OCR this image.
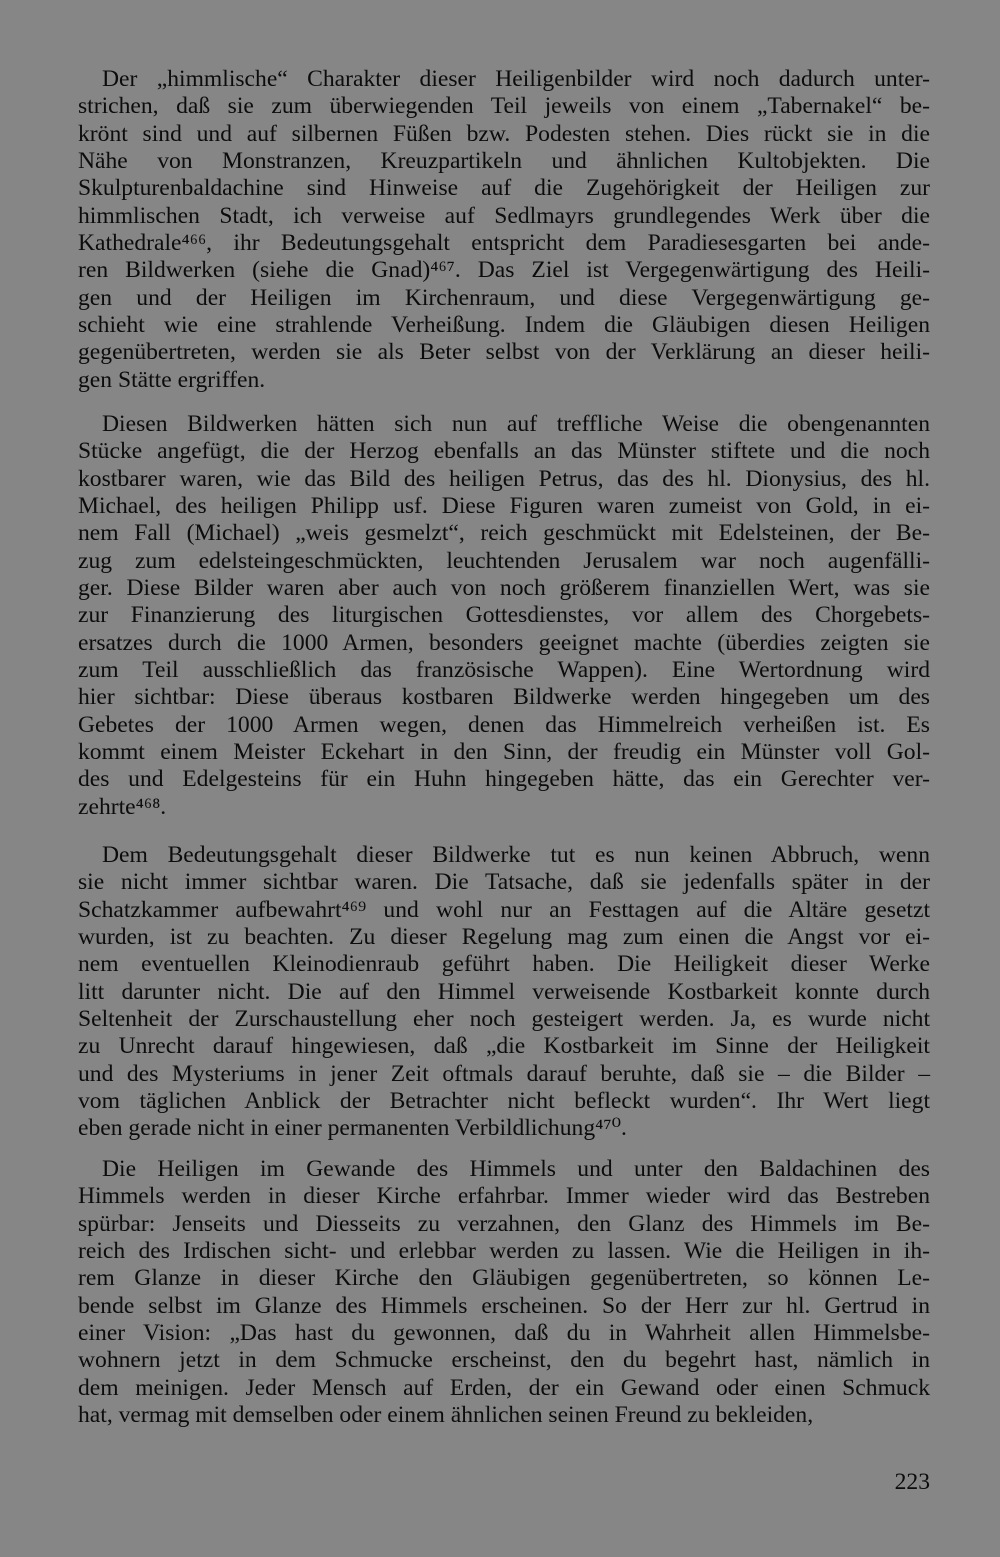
Der „himmlische“ Charakter dieser Heiligenbilder wird noch dadurch unter-
strichen, daß sie zum überwiegenden Teil jeweils von einem „Tabernakel“ be-
krönt sind und auf silbernen Füßen bzw. Podesten stehen. Dies rückt sie in die
Nähe von Monstranzen, Kreuzpartikeln und ähnlichen Kultobjekten. Die
Skulpturenbaldachine sind Hinweise auf die Zugehörigkeit der Heiligen zur
himmlischen Stadt, ich verweise auf Sedlmayrs grundlegendes Werk über die
Kathedrale⁴⁶⁶, ihr Bedeutungsgehalt entspricht dem Paradiesesgarten bei ande-
ren Bildwerken (siehe die Gnad)⁴⁶⁷. Das Ziel ist Vergegenwärtigung des Heili-
gen und der Heiligen im Kirchenraum, und diese Vergegenwärtigung ge-
schieht wie eine strahlende Verheißung. Indem die Gläubigen diesen Heiligen
gegenübertreten, werden sie als Beter selbst von der Verklärung an dieser heili-
gen Stätte ergriffen.

Diesen Bildwerken hätten sich nun auf treffliche Weise die obengenannten
Stücke angefügt, die der Herzog ebenfalls an das Münster stiftete und die noch
kostbarer waren, wie das Bild des heiligen Petrus, das des hl. Dionysius, des hl.
Michael, des heiligen Philipp usf. Diese Figuren waren zumeist von Gold, in ei-
nem Fall (Michael) „weis gesmelzt“, reich geschmückt mit Edelsteinen, der Be-
zug zum edelsteingeschmückten, leuchtenden Jerusalem war noch augenfälli-
ger. Diese Bilder waren aber auch von noch größerem finanziellen Wert, was sie
zur Finanzierung des liturgischen Gottesdienstes, vor allem des Chorgebets-
ersatzes durch die 1000 Armen, besonders geeignet machte (überdies zeigten sie
zum Teil ausschließlich das französische Wappen). Eine Wertordnung wird
hier sichtbar: Diese überaus kostbaren Bildwerke werden hingegeben um des
Gebetes der 1000 Armen wegen, denen das Himmelreich verheißen ist. Es
kommt einem Meister Eckehart in den Sinn, der freudig ein Münster voll Gol-
des und Edelgesteins für ein Huhn hingegeben hätte, das ein Gerechter ver-
zehrte⁴⁶⁸.

Dem Bedeutungsgehalt dieser Bildwerke tut es nun keinen Abbruch, wenn
sie nicht immer sichtbar waren. Die Tatsache, daß sie jedenfalls später in der
Schatzkammer aufbewahrt⁴⁶⁹ und wohl nur an Festtagen auf die Altäre gesetzt
wurden, ist zu beachten. Zu dieser Regelung mag zum einen die Angst vor ei-
nem eventuellen Kleinodienraub geführt haben. Die Heiligkeit dieser Werke
litt darunter nicht. Die auf den Himmel verweisende Kostbarkeit konnte durch
Seltenheit der Zurschaustellung eher noch gesteigert werden. Ja, es wurde nicht
zu Unrecht darauf hingewiesen, daß „die Kostbarkeit im Sinne der Heiligkeit
und des Mysteriums in jener Zeit oftmals darauf beruhte, daß sie – die Bilder –
vom täglichen Anblick der Betrachter nicht befleckt wurden“. Ihr Wert liegt
eben gerade nicht in einer permanenten Verbildlichung⁴⁷⁰.

Die Heiligen im Gewande des Himmels und unter den Baldachinen des
Himmels werden in dieser Kirche erfahrbar. Immer wieder wird das Bestreben
spürbar: Jenseits und Diesseits zu verzahnen, den Glanz des Himmels im Be-
reich des Irdischen sicht- und erlebbar werden zu lassen. Wie die Heiligen in ih-
rem Glanze in dieser Kirche den Gläubigen gegenübertreten, so können Le-
bende selbst im Glanze des Himmels erscheinen. So der Herr zur hl. Gertrud in
einer Vision: „Das hast du gewonnen, daß du in Wahrheit allen Himmelsbe-
wohnern jetzt in dem Schmucke erscheinst, den du begehrt hast, nämlich in
dem meinigen. Jeder Mensch auf Erden, der ein Gewand oder einen Schmuck
hat, vermag mit demselben oder einem ähnlichen seinen Freund zu bekleiden,

223
